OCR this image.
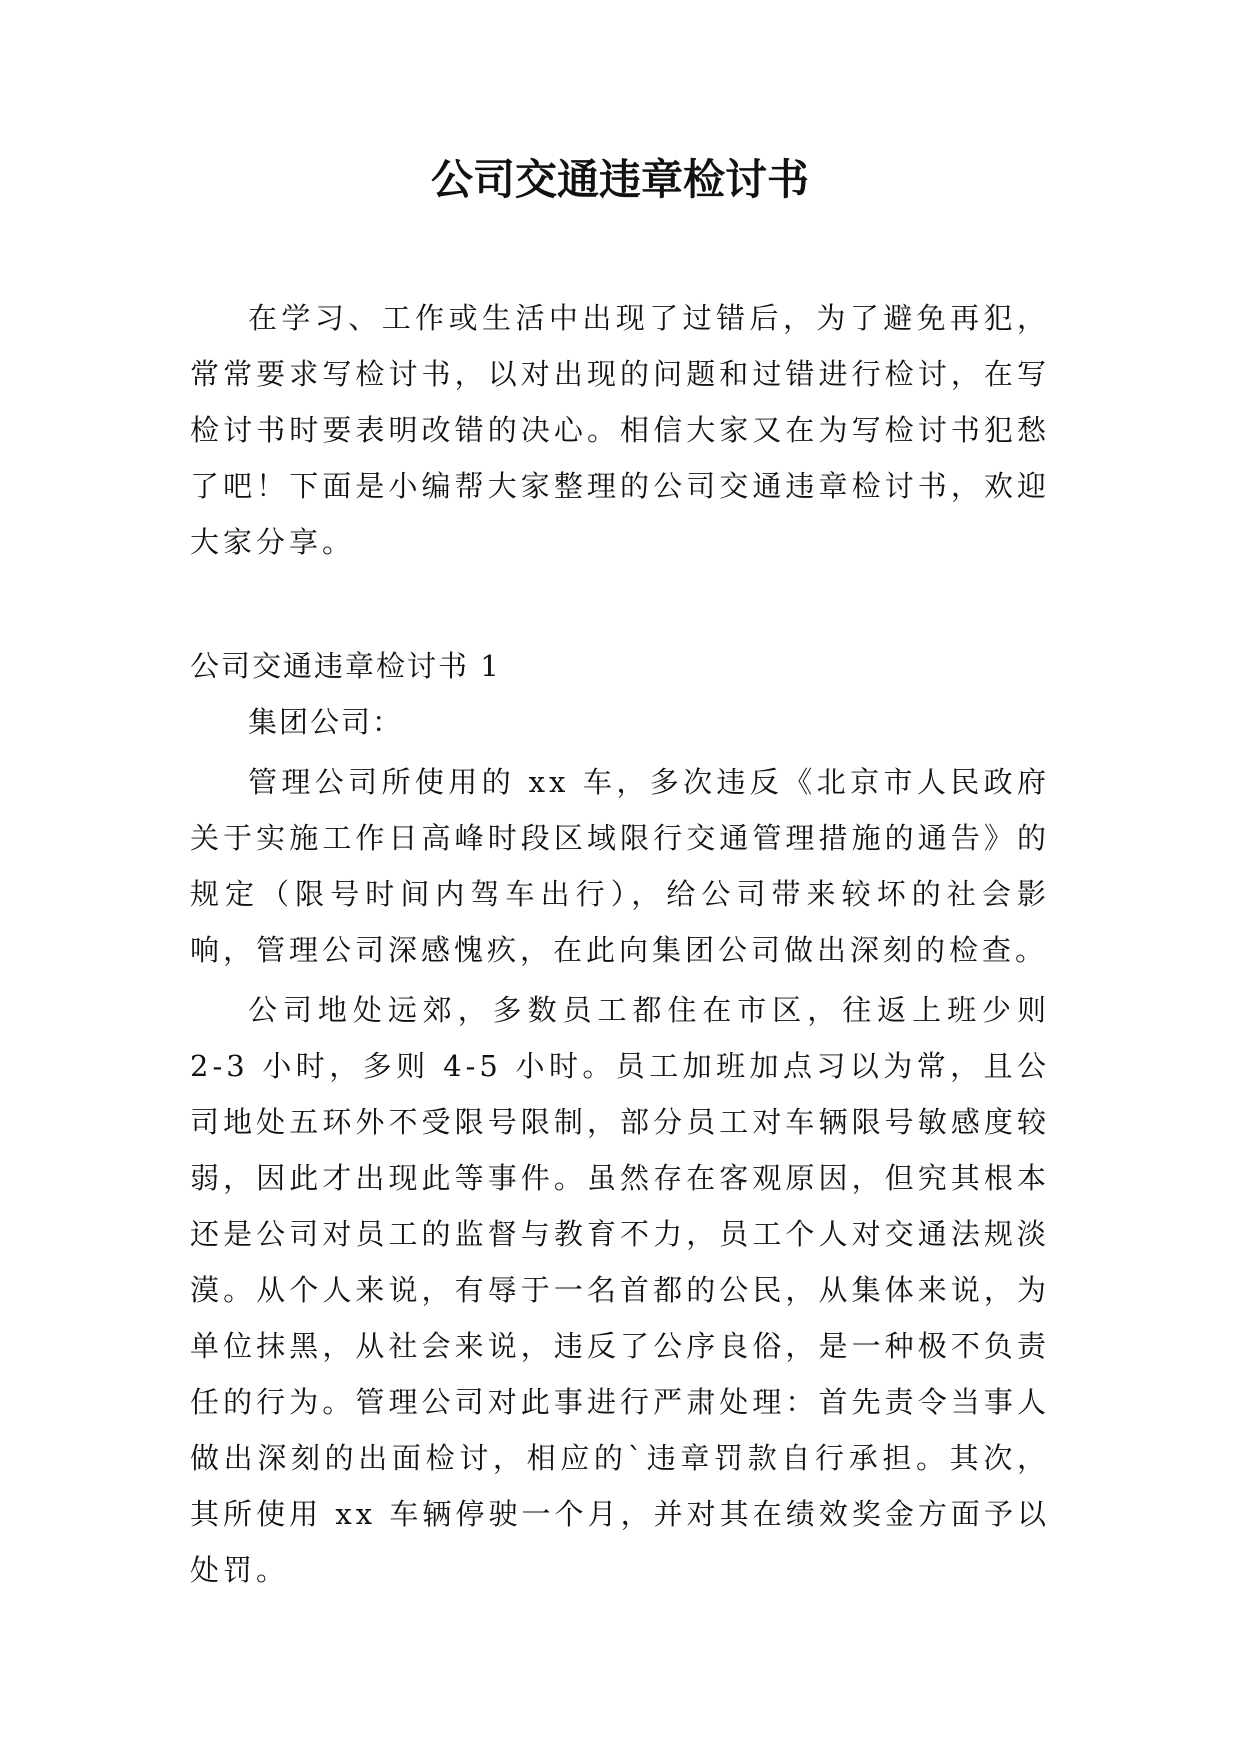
公司交通违章检讨书

在学习、工作或生活中出现了过错后，为了避免再犯，常常要求写检讨书，以对出现的问题和过错进行检讨，在写检讨书时要表明改错的决心。相信大家又在为写检讨书犯愁了吧！下面是小编帮大家整理的公司交通违章检讨书，欢迎大家分享。

公司交通违章检讨书 1

集团公司：

管理公司所使用的 xx 车，多次违反《北京市人民政府关于实施工作日高峰时段区域限行交通管理措施的通告》的规定（限号时间内驾车出行），给公司带来较坏的社会影响，管理公司深感愧疚，在此向集团公司做出深刻的检查。

公司地处远郊，多数员工都住在市区，往返上班少则 2-3 小时，多则 4-5 小时。员工加班加点习以为常，且公司地处五环外不受限号限制，部分员工对车辆限号敏感度较弱，因此才出现此等事件。虽然存在客观原因，但究其根本还是公司对员工的监督与教育不力，员工个人对交通法规淡漠。从个人来说，有辱于一名首都的公民，从集体来说，为单位抹黑，从社会来说，违反了公序良俗，是一种极不负责任的行为。管理公司对此事进行严肃处理：首先责令当事人做出深刻的出面检讨，相应的`违章罚款自行承担。其次，其所使用 xx 车辆停驶一个月，并对其在绩效奖金方面予以处罚。
